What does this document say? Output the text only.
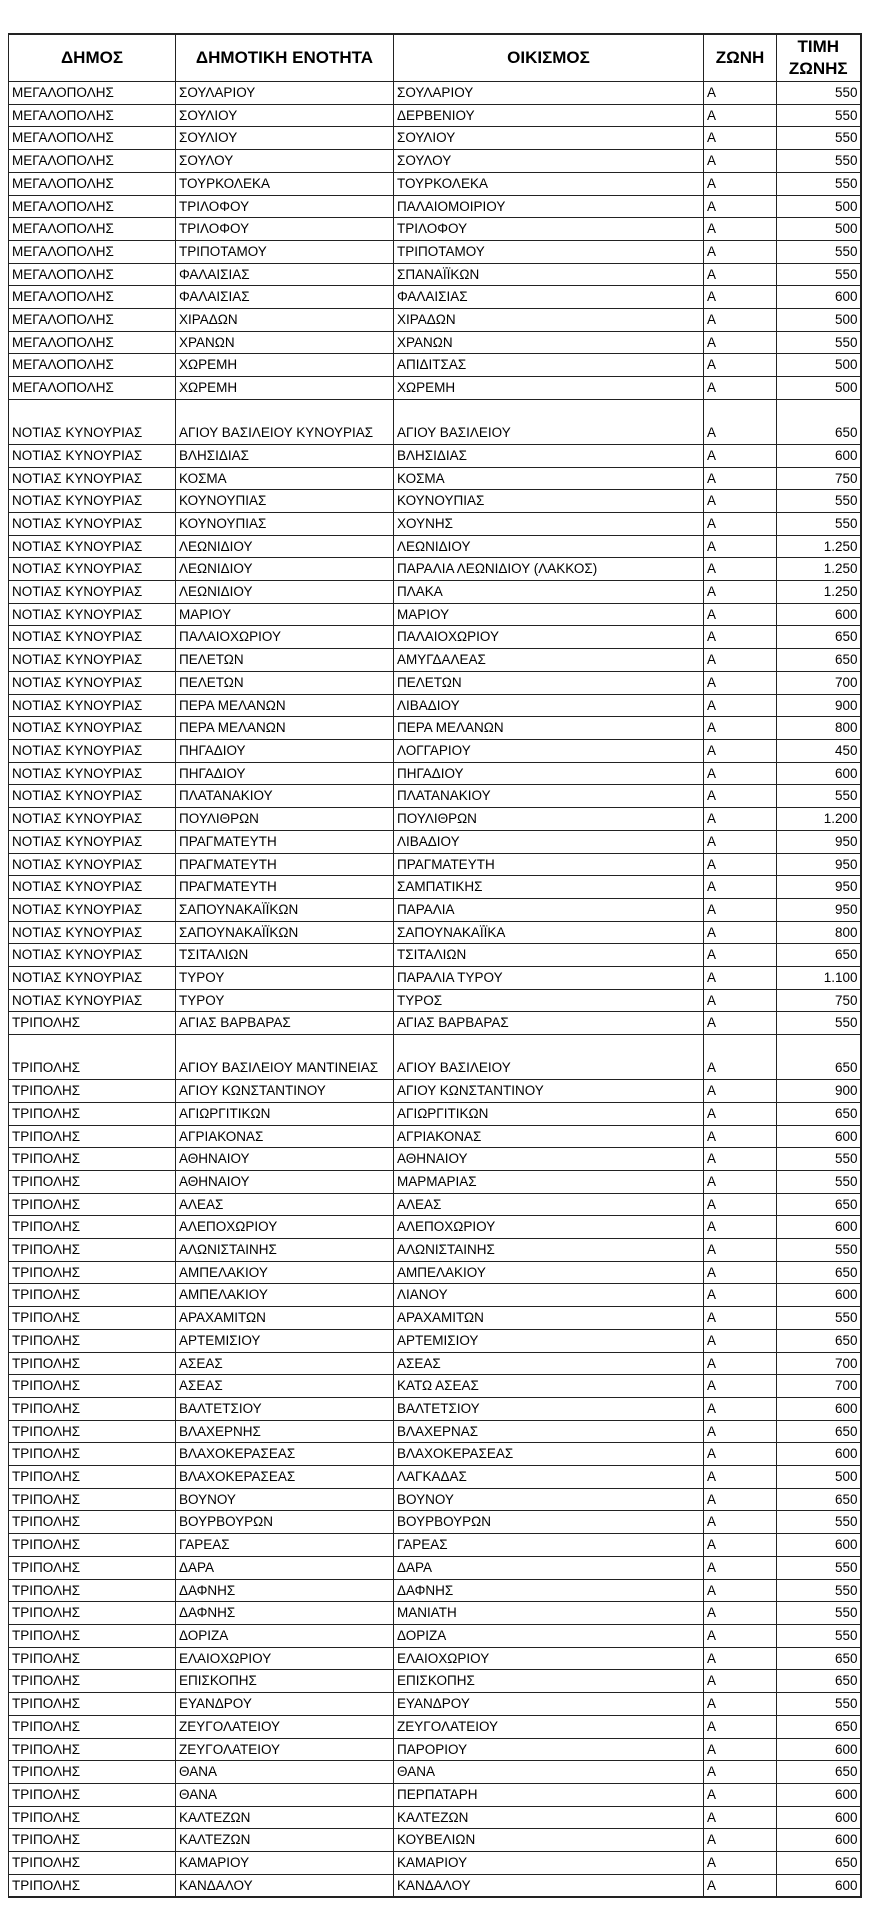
ΔΗΜΟΣ	ΔΗΜΟΤΙΚΗ ΕΝΟΤΗΤΑ	ΟΙΚΙΣΜΟΣ	ΖΩΝΗ	ΤΙΜΗ ΖΩΝΗΣ
ΜΕΓΑΛΟΠΟΛΗΣ	ΣΟΥΛΑΡΙΟΥ	ΣΟΥΛΑΡΙΟΥ	Α	550
ΜΕΓΑΛΟΠΟΛΗΣ	ΣΟΥΛΙΟΥ	ΔΕΡΒΕΝΙΟΥ	Α	550
ΜΕΓΑΛΟΠΟΛΗΣ	ΣΟΥΛΙΟΥ	ΣΟΥΛΙΟΥ	Α	550
ΜΕΓΑΛΟΠΟΛΗΣ	ΣΟΥΛΟΥ	ΣΟΥΛΟΥ	Α	550
ΜΕΓΑΛΟΠΟΛΗΣ	ΤΟΥΡΚΟΛΕΚΑ	ΤΟΥΡΚΟΛΕΚΑ	Α	550
ΜΕΓΑΛΟΠΟΛΗΣ	ΤΡΙΛΟΦΟΥ	ΠΑΛΑΙΟΜΟΙΡΙΟΥ	Α	500
ΜΕΓΑΛΟΠΟΛΗΣ	ΤΡΙΛΟΦΟΥ	ΤΡΙΛΟΦΟΥ	Α	500
ΜΕΓΑΛΟΠΟΛΗΣ	ΤΡΙΠΟΤΑΜΟΥ	ΤΡΙΠΟΤΑΜΟΥ	Α	550
ΜΕΓΑΛΟΠΟΛΗΣ	ΦΑΛΑΙΣΙΑΣ	ΣΠΑΝΑΪΪΚΩΝ	Α	550
ΜΕΓΑΛΟΠΟΛΗΣ	ΦΑΛΑΙΣΙΑΣ	ΦΑΛΑΙΣΙΑΣ	Α	600
ΜΕΓΑΛΟΠΟΛΗΣ	ΧΙΡΑΔΩΝ	ΧΙΡΑΔΩΝ	Α	500
ΜΕΓΑΛΟΠΟΛΗΣ	ΧΡΑΝΩΝ	ΧΡΑΝΩΝ	Α	550
ΜΕΓΑΛΟΠΟΛΗΣ	ΧΩΡΕΜΗ	ΑΠΙΔΙΤΣΑΣ	Α	500
ΜΕΓΑΛΟΠΟΛΗΣ	ΧΩΡΕΜΗ	ΧΩΡΕΜΗ	Α	500
ΝΟΤΙΑΣ ΚΥΝΟΥΡΙΑΣ	ΑΓΙΟΥ ΒΑΣΙΛΕΙΟΥ ΚΥΝΟΥΡΙΑΣ	ΑΓΙΟΥ ΒΑΣΙΛΕΙΟΥ	Α	650
ΝΟΤΙΑΣ ΚΥΝΟΥΡΙΑΣ	ΒΛΗΣΙΔΙΑΣ	ΒΛΗΣΙΔΙΑΣ	Α	600
ΝΟΤΙΑΣ ΚΥΝΟΥΡΙΑΣ	ΚΟΣΜΑ	ΚΟΣΜΑ	Α	750
ΝΟΤΙΑΣ ΚΥΝΟΥΡΙΑΣ	ΚΟΥΝΟΥΠΙΑΣ	ΚΟΥΝΟΥΠΙΑΣ	Α	550
ΝΟΤΙΑΣ ΚΥΝΟΥΡΙΑΣ	ΚΟΥΝΟΥΠΙΑΣ	ΧΟΥΝΗΣ	Α	550
ΝΟΤΙΑΣ ΚΥΝΟΥΡΙΑΣ	ΛΕΩΝΙΔΙΟΥ	ΛΕΩΝΙΔΙΟΥ	Α	1.250
ΝΟΤΙΑΣ ΚΥΝΟΥΡΙΑΣ	ΛΕΩΝΙΔΙΟΥ	ΠΑΡΑΛΙΑ ΛΕΩΝΙΔΙΟΥ (ΛΑΚΚΟΣ)	Α	1.250
ΝΟΤΙΑΣ ΚΥΝΟΥΡΙΑΣ	ΛΕΩΝΙΔΙΟΥ	ΠΛΑΚΑ	Α	1.250
ΝΟΤΙΑΣ ΚΥΝΟΥΡΙΑΣ	ΜΑΡΙΟΥ	ΜΑΡΙΟΥ	Α	600
ΝΟΤΙΑΣ ΚΥΝΟΥΡΙΑΣ	ΠΑΛΑΙΟΧΩΡΙΟΥ	ΠΑΛΑΙΟΧΩΡΙΟΥ	Α	650
ΝΟΤΙΑΣ ΚΥΝΟΥΡΙΑΣ	ΠΕΛΕΤΩΝ	ΑΜΥΓΔΑΛΕΑΣ	Α	650
ΝΟΤΙΑΣ ΚΥΝΟΥΡΙΑΣ	ΠΕΛΕΤΩΝ	ΠΕΛΕΤΩΝ	Α	700
ΝΟΤΙΑΣ ΚΥΝΟΥΡΙΑΣ	ΠΕΡΑ ΜΕΛΑΝΩΝ	ΛΙΒΑΔΙΟΥ	Α	900
ΝΟΤΙΑΣ ΚΥΝΟΥΡΙΑΣ	ΠΕΡΑ ΜΕΛΑΝΩΝ	ΠΕΡΑ ΜΕΛΑΝΩΝ	Α	800
ΝΟΤΙΑΣ ΚΥΝΟΥΡΙΑΣ	ΠΗΓΑΔΙΟΥ	ΛΟΓΓΑΡΙΟΥ	Α	450
ΝΟΤΙΑΣ ΚΥΝΟΥΡΙΑΣ	ΠΗΓΑΔΙΟΥ	ΠΗΓΑΔΙΟΥ	Α	600
ΝΟΤΙΑΣ ΚΥΝΟΥΡΙΑΣ	ΠΛΑΤΑΝΑΚΙΟΥ	ΠΛΑΤΑΝΑΚΙΟΥ	Α	550
ΝΟΤΙΑΣ ΚΥΝΟΥΡΙΑΣ	ΠΟΥΛΙΘΡΩΝ	ΠΟΥΛΙΘΡΩΝ	Α	1.200
ΝΟΤΙΑΣ ΚΥΝΟΥΡΙΑΣ	ΠΡΑΓΜΑΤΕΥΤΗ	ΛΙΒΑΔΙΟΥ	Α	950
ΝΟΤΙΑΣ ΚΥΝΟΥΡΙΑΣ	ΠΡΑΓΜΑΤΕΥΤΗ	ΠΡΑΓΜΑΤΕΥΤΗ	Α	950
ΝΟΤΙΑΣ ΚΥΝΟΥΡΙΑΣ	ΠΡΑΓΜΑΤΕΥΤΗ	ΣΑΜΠΑΤΙΚΗΣ	Α	950
ΝΟΤΙΑΣ ΚΥΝΟΥΡΙΑΣ	ΣΑΠΟΥΝΑΚΑΪΪΚΩΝ	ΠΑΡΑΛΙΑ	Α	950
ΝΟΤΙΑΣ ΚΥΝΟΥΡΙΑΣ	ΣΑΠΟΥΝΑΚΑΪΪΚΩΝ	ΣΑΠΟΥΝΑΚΑΪΪΚΑ	Α	800
ΝΟΤΙΑΣ ΚΥΝΟΥΡΙΑΣ	ΤΣΙΤΑΛΙΩΝ	ΤΣΙΤΑΛΙΩΝ	Α	650
ΝΟΤΙΑΣ ΚΥΝΟΥΡΙΑΣ	ΤΥΡΟΥ	ΠΑΡΑΛΙΑ ΤΥΡΟΥ	Α	1.100
ΝΟΤΙΑΣ ΚΥΝΟΥΡΙΑΣ	ΤΥΡΟΥ	ΤΥΡΟΣ	Α	750
ΤΡΙΠΟΛΗΣ	ΑΓΙΑΣ ΒΑΡΒΑΡΑΣ	ΑΓΙΑΣ ΒΑΡΒΑΡΑΣ	Α	550
ΤΡΙΠΟΛΗΣ	ΑΓΙΟΥ ΒΑΣΙΛΕΙΟΥ ΜΑΝΤΙΝΕΙΑΣ	ΑΓΙΟΥ ΒΑΣΙΛΕΙΟΥ	Α	650
ΤΡΙΠΟΛΗΣ	ΑΓΙΟΥ ΚΩΝΣΤΑΝΤΙΝΟΥ	ΑΓΙΟΥ ΚΩΝΣΤΑΝΤΙΝΟΥ	Α	900
ΤΡΙΠΟΛΗΣ	ΑΓΙΩΡΓΙΤΙΚΩΝ	ΑΓΙΩΡΓΙΤΙΚΩΝ	Α	650
ΤΡΙΠΟΛΗΣ	ΑΓΡΙΑΚΟΝΑΣ	ΑΓΡΙΑΚΟΝΑΣ	Α	600
ΤΡΙΠΟΛΗΣ	ΑΘΗΝΑΙΟΥ	ΑΘΗΝΑΙΟΥ	Α	550
ΤΡΙΠΟΛΗΣ	ΑΘΗΝΑΙΟΥ	ΜΑΡΜΑΡΙΑΣ	Α	550
ΤΡΙΠΟΛΗΣ	ΑΛΕΑΣ	ΑΛΕΑΣ	Α	650
ΤΡΙΠΟΛΗΣ	ΑΛΕΠΟΧΩΡΙΟΥ	ΑΛΕΠΟΧΩΡΙΟΥ	Α	600
ΤΡΙΠΟΛΗΣ	ΑΛΩΝΙΣΤΑΙΝΗΣ	ΑΛΩΝΙΣΤΑΙΝΗΣ	Α	550
ΤΡΙΠΟΛΗΣ	ΑΜΠΕΛΑΚΙΟΥ	ΑΜΠΕΛΑΚΙΟΥ	Α	650
ΤΡΙΠΟΛΗΣ	ΑΜΠΕΛΑΚΙΟΥ	ΛΙΑΝΟΥ	Α	600
ΤΡΙΠΟΛΗΣ	ΑΡΑΧΑΜΙΤΩΝ	ΑΡΑΧΑΜΙΤΩΝ	Α	550
ΤΡΙΠΟΛΗΣ	ΑΡΤΕΜΙΣΙΟΥ	ΑΡΤΕΜΙΣΙΟΥ	Α	650
ΤΡΙΠΟΛΗΣ	ΑΣΕΑΣ	ΑΣΕΑΣ	Α	700
ΤΡΙΠΟΛΗΣ	ΑΣΕΑΣ	ΚΑΤΩ ΑΣΕΑΣ	Α	700
ΤΡΙΠΟΛΗΣ	ΒΑΛΤΕΤΣΙΟΥ	ΒΑΛΤΕΤΣΙΟΥ	Α	600
ΤΡΙΠΟΛΗΣ	ΒΛΑΧΕΡΝΗΣ	ΒΛΑΧΕΡΝΑΣ	Α	650
ΤΡΙΠΟΛΗΣ	ΒΛΑΧΟΚΕΡΑΣΕΑΣ	ΒΛΑΧΟΚΕΡΑΣΕΑΣ	Α	600
ΤΡΙΠΟΛΗΣ	ΒΛΑΧΟΚΕΡΑΣΕΑΣ	ΛΑΓΚΑΔΑΣ	Α	500
ΤΡΙΠΟΛΗΣ	ΒΟΥΝΟΥ	ΒΟΥΝΟΥ	Α	650
ΤΡΙΠΟΛΗΣ	ΒΟΥΡΒΟΥΡΩΝ	ΒΟΥΡΒΟΥΡΩΝ	Α	550
ΤΡΙΠΟΛΗΣ	ΓΑΡΕΑΣ	ΓΑΡΕΑΣ	Α	600
ΤΡΙΠΟΛΗΣ	ΔΑΡΑ	ΔΑΡΑ	Α	550
ΤΡΙΠΟΛΗΣ	ΔΑΦΝΗΣ	ΔΑΦΝΗΣ	Α	550
ΤΡΙΠΟΛΗΣ	ΔΑΦΝΗΣ	ΜΑΝΙΑΤΗ	Α	550
ΤΡΙΠΟΛΗΣ	ΔΟΡΙΖΑ	ΔΟΡΙΖΑ	Α	550
ΤΡΙΠΟΛΗΣ	ΕΛΑΙΟΧΩΡΙΟΥ	ΕΛΑΙΟΧΩΡΙΟΥ	Α	650
ΤΡΙΠΟΛΗΣ	ΕΠΙΣΚΟΠΗΣ	ΕΠΙΣΚΟΠΗΣ	Α	650
ΤΡΙΠΟΛΗΣ	ΕΥΑΝΔΡΟΥ	ΕΥΑΝΔΡΟΥ	Α	550
ΤΡΙΠΟΛΗΣ	ΖΕΥΓΟΛΑΤΕΙΟΥ	ΖΕΥΓΟΛΑΤΕΙΟΥ	Α	650
ΤΡΙΠΟΛΗΣ	ΖΕΥΓΟΛΑΤΕΙΟΥ	ΠΑΡΟΡΙΟΥ	Α	600
ΤΡΙΠΟΛΗΣ	ΘΑΝΑ	ΘΑΝΑ	Α	650
ΤΡΙΠΟΛΗΣ	ΘΑΝΑ	ΠΕΡΠΑΤΑΡΗ	Α	600
ΤΡΙΠΟΛΗΣ	ΚΑΛΤΕΖΩΝ	ΚΑΛΤΕΖΩΝ	Α	600
ΤΡΙΠΟΛΗΣ	ΚΑΛΤΕΖΩΝ	ΚΟΥΒΕΛΙΩΝ	Α	600
ΤΡΙΠΟΛΗΣ	ΚΑΜΑΡΙΟΥ	ΚΑΜΑΡΙΟΥ	Α	650
ΤΡΙΠΟΛΗΣ	ΚΑΝΔΑΛΟΥ	ΚΑΝΔΑΛΟΥ	Α	600
